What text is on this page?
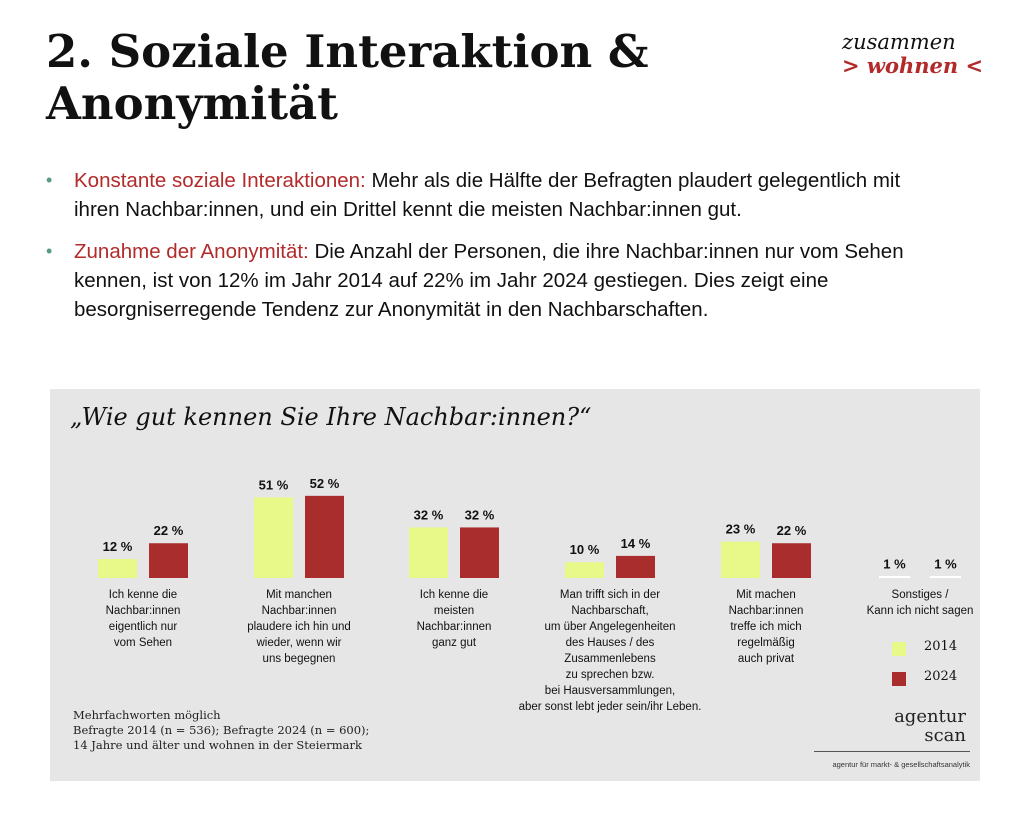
2. Soziale Interaktion & Anonymität
zusammen
> wohnen <
• Konstante soziale Interaktionen: Mehr als die Hälfte der Befragten plaudert gelegentlich mit ihren Nachbar:innen, und ein Drittel kennt die meisten Nachbar:innen gut.
• Zunahme der Anonymität: Die Anzahl der Personen, die ihre Nachbar:innen nur vom Sehen kennen, ist von 12% im Jahr 2014 auf 22% im Jahr 2024 gestiegen. Dies zeigt eine besorgniserregende Tendenz zur Anonymität in den Nachbarschaften.
„Wie gut kennen Sie Ihre Nachbar:innen?“
12 %
51 %
32 %
10 %
23 %
1 %
22 %
52 %
32 %
14 %
22 %
1 %
Ich kenne die
Nachbar:innen
eigentlich nur
vom Sehen
Mit manchen
Nachbar:innen
plaudere ich hin und
wieder, wenn wir
uns begegnen
Ich kenne die
meisten
Nachbar:innen
ganz gut
Man trifft sich in der
Nachbarschaft,
um über Angelegenheiten
des Hauses / des
Zusammenlebens
zu sprechen bzw.
bei Hausversammlungen,
aber sonst lebt jeder sein/ihr Leben.
Mit machen
Nachbar:innen
treffe ich mich
regelmäßig
auch privat
Sonstiges /
Kann ich nicht sagen
2014
2024
Mehrfachworten möglich
Befragte 2014 (n = 536); Befragte 2024 (n = 600);
14 Jahre und älter und wohnen in der Steiermark
agentur
scan
agentur für markt- & gesellschaftsanalytik
